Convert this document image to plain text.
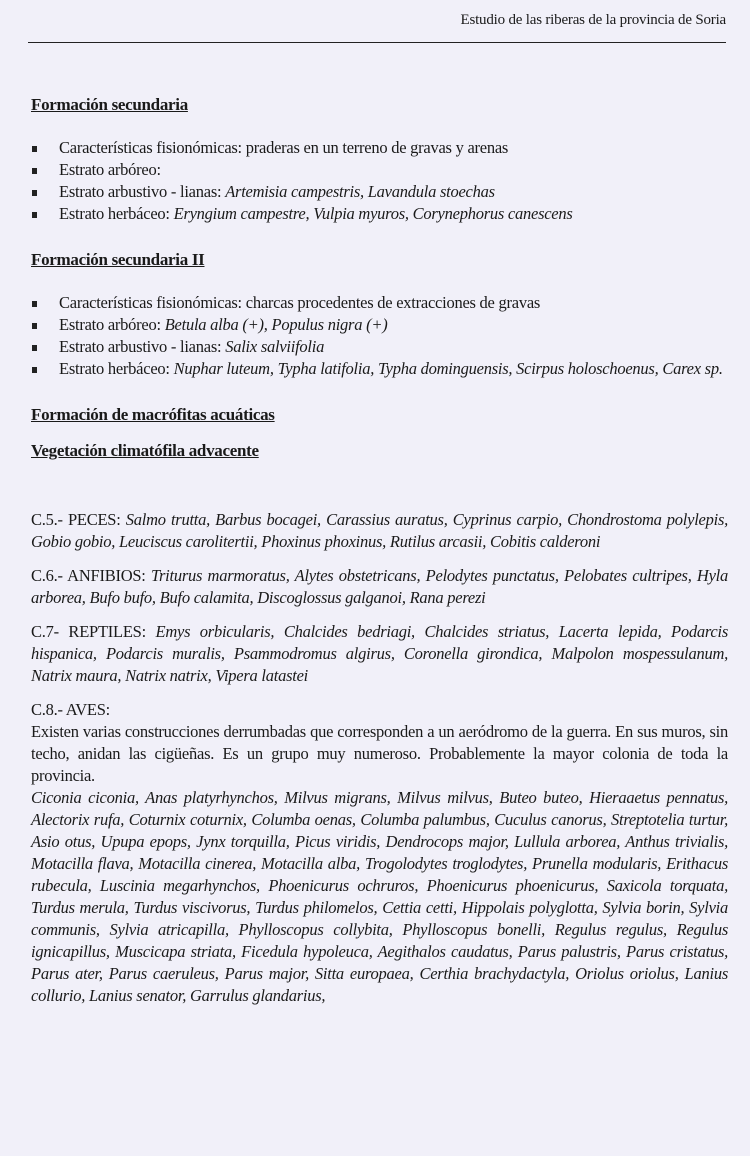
Estudio de las riberas de la provincia de Soria
Formación secundaria
Características fisionómicas: praderas en un terreno de gravas y arenas
Estrato arbóreo:
Estrato arbustivo - lianas: Artemisia campestris, Lavandula stoechas
Estrato herbáceo: Eryngium campestre, Vulpia myuros, Corynephorus canescens
Formación secundaria II
Características fisionómicas: charcas procedentes de extracciones de gravas
Estrato arbóreo: Betula alba (+), Populus nigra (+)
Estrato arbustivo - lianas: Salix salviifolia
Estrato herbáceo: Nuphar luteum, Typha latifolia, Typha dominguensis, Scirpus holoschoenus, Carex sp.
Formación de macrófitas acuáticas
Vegetación climatófila advacente

C.5.- PECES: Salmo trutta, Barbus bocagei, Carassius auratus, Cyprinus carpio, Chondrostoma polylepis, Gobio gobio, Leuciscus carolitertii, Phoxinus phoxinus, Rutilus arcasii, Cobitis calderoni

C.6.- ANFIBIOS: Triturus marmoratus, Alytes obstetricans, Pelodytes punctatus, Pelobates cultripes, Hyla arborea, Bufo bufo, Bufo calamita, Discoglossus galganoi, Rana perezi

C.7- REPTILES: Emys orbicularis, Chalcides bedriagi, Chalcides striatus, Lacerta lepida, Podarcis hispanica, Podarcis muralis, Psammodromus algirus, Coronella girondica, Malpolon mospessulanum, Natrix maura, Natrix natrix, Vipera latastei

C.8.- AVES:

Existen varias construcciones derrumbadas que corresponden a un aeródromo de la guerra. En sus muros, sin techo, anidan las cigüeñas. Es un grupo muy numeroso. Probablemente la mayor colonia de toda la provincia.

Ciconia ciconia, Anas platyrhynchos, Milvus migrans, Milvus milvus, Buteo buteo, Hieraaetus pennatus, Alectorix rufa, Coturnix coturnix, Columba oenas, Columba palumbus, Cuculus canorus, Streptotelia turtur, Asio otus, Upupa epops, Jynx torquilla, Picus viridis, Dendrocops major, Lullula arborea, Anthus trivialis, Motacilla flava, Motacilla cinerea, Motacilla alba, Trogolodytes troglodytes, Prunella modularis, Erithacus rubecula, Luscinia megarhynchos, Phoenicurus ochruros, Phoenicurus phoenicurus, Saxicola torquata, Turdus merula, Turdus viscivorus, Turdus philomelos, Cettia cetti, Hippolais polyglotta, Sylvia borin, Sylvia communis, Sylvia atricapilla, Phylloscopus collybita, Phylloscopus bonelli, Regulus regulus, Regulus ignicapillus, Muscicapa striata, Ficedula hypoleuca, Aegithalos caudatus, Parus palustris, Parus cristatus, Parus ater, Parus caeruleus, Parus major, Sitta europaea, Certhia brachydactyla, Oriolus oriolus, Lanius collurio, Lanius senator, Garrulus glandarius,
